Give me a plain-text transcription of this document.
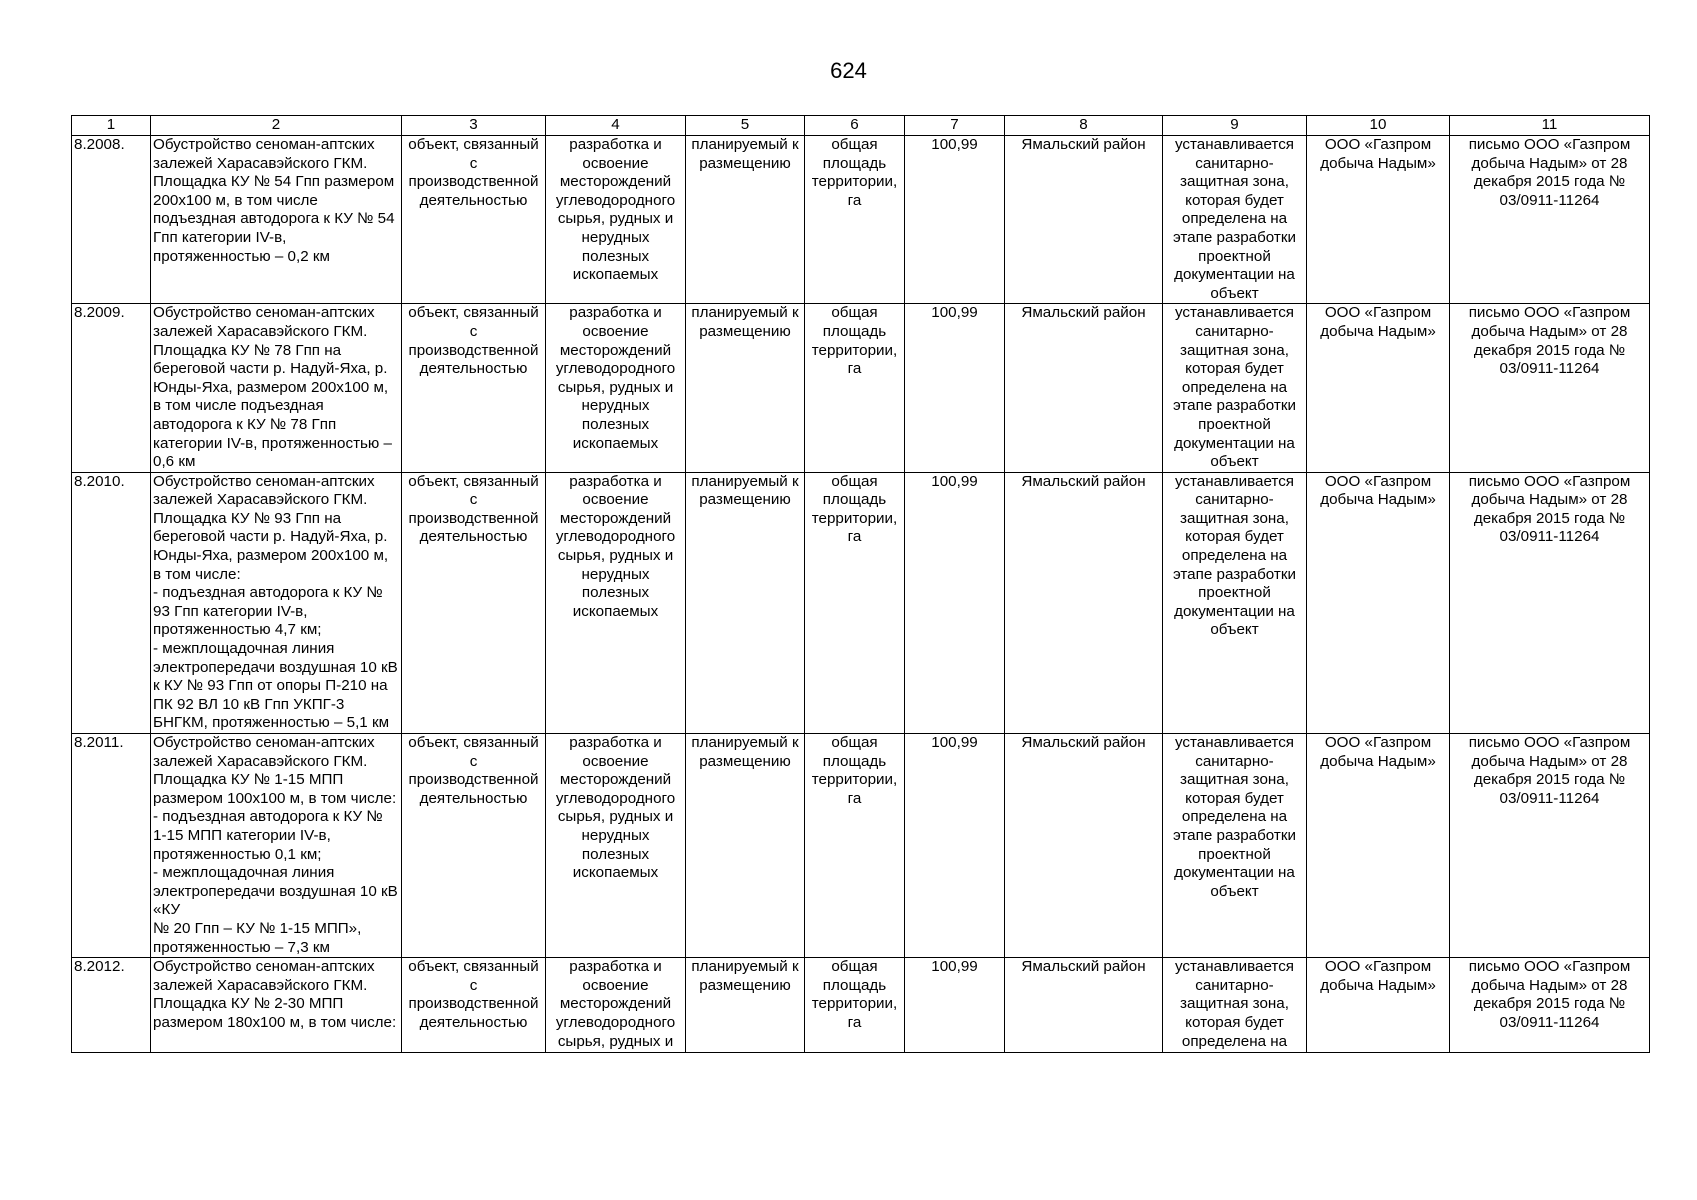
624
1	2	3	4	5	6	7	8	9	10	11
8.2008.	Обустройство сеноман-аптских залежей Харасавэйского ГКМ. Площадка КУ № 54 Гпп размером 200х100 м, в том числе подъездная автодорога к КУ № 54 Гпп категории IV-в, протяженностью – 0,2 км	объект, связанный с производственной деятельностью	разработка и освоение месторождений углеводородного сырья, рудных и нерудных полезных ископаемых	планируемый к размещению	общая площадь территории, га	100,99	Ямальский район	устанавливается санитарно-защитная зона, которая будет определена на этапе разработки проектной документации на объект	ООО «Газпром добыча Надым»	письмо ООО «Газпром добыча Надым» от 28 декабря 2015 года № 03/0911-11264
8.2009.	Обустройство сеноман-аптских залежей Харасавэйского ГКМ. Площадка КУ № 78 Гпп на береговой части р. Надуй-Яха, р. Юнды-Яха, размером 200х100 м, в том числе подъездная автодорога к КУ № 78 Гпп категории IV-в, протяженностью – 0,6 км	объект, связанный с производственной деятельностью	разработка и освоение месторождений углеводородного сырья, рудных и нерудных полезных ископаемых	планируемый к размещению	общая площадь территории, га	100,99	Ямальский район	устанавливается санитарно-защитная зона, которая будет определена на этапе разработки проектной документации на объект	ООО «Газпром добыча Надым»	письмо ООО «Газпром добыча Надым» от 28 декабря 2015 года № 03/0911-11264
8.2010.	Обустройство сеноман-аптских залежей Харасавэйского ГКМ. Площадка КУ № 93 Гпп на береговой части р. Надуй-Яха, р. Юнды-Яха, размером 200х100 м, в том числе:
- подъездная автодорога к КУ № 93 Гпп категории IV-в, протяженностью 4,7 км;
- межплощадочная линия электропередачи воздушная 10 кВ к КУ № 93 Гпп от опоры П-210 на ПК 92 ВЛ 10 кВ Гпп УКПГ-3 БНГКМ, протяженностью – 5,1 км	объект, связанный с производственной деятельностью	разработка и освоение месторождений углеводородного сырья, рудных и нерудных полезных ископаемых	планируемый к размещению	общая площадь территории, га	100,99	Ямальский район	устанавливается санитарно-защитная зона, которая будет определена на этапе разработки проектной документации на объект	ООО «Газпром добыча Надым»	письмо ООО «Газпром добыча Надым» от 28 декабря 2015 года № 03/0911-11264
8.2011.	Обустройство сеноман-аптских залежей Харасавэйского ГКМ. Площадка КУ № 1-15 МПП размером 100х100 м, в том числе:
- подъездная автодорога к КУ № 1-15 МПП категории IV-в, протяженностью 0,1 км;
- межплощадочная линия электропередачи воздушная 10 кВ «КУ
№ 20 Гпп – КУ № 1-15 МПП», протяженностью – 7,3 км	объект, связанный с производственной деятельностью	разработка и освоение месторождений углеводородного сырья, рудных и нерудных полезных ископаемых	планируемый к размещению	общая площадь территории, га	100,99	Ямальский район	устанавливается санитарно-защитная зона, которая будет определена на этапе разработки проектной документации на объект	ООО «Газпром добыча Надым»	письмо ООО «Газпром добыча Надым» от 28 декабря 2015 года № 03/0911-11264
8.2012.	Обустройство сеноман-аптских залежей Харасавэйского ГКМ. Площадка КУ № 2-30 МПП размером 180х100 м, в том числе:	объект, связанный с производственной деятельностью	разработка и освоение месторождений углеводородного сырья, рудных и	планируемый к размещению	общая площадь территории, га	100,99	Ямальский район	устанавливается санитарно-защитная зона, которая будет определена на	ООО «Газпром добыча Надым»	письмо ООО «Газпром добыча Надым» от 28 декабря 2015 года № 03/0911-11264
